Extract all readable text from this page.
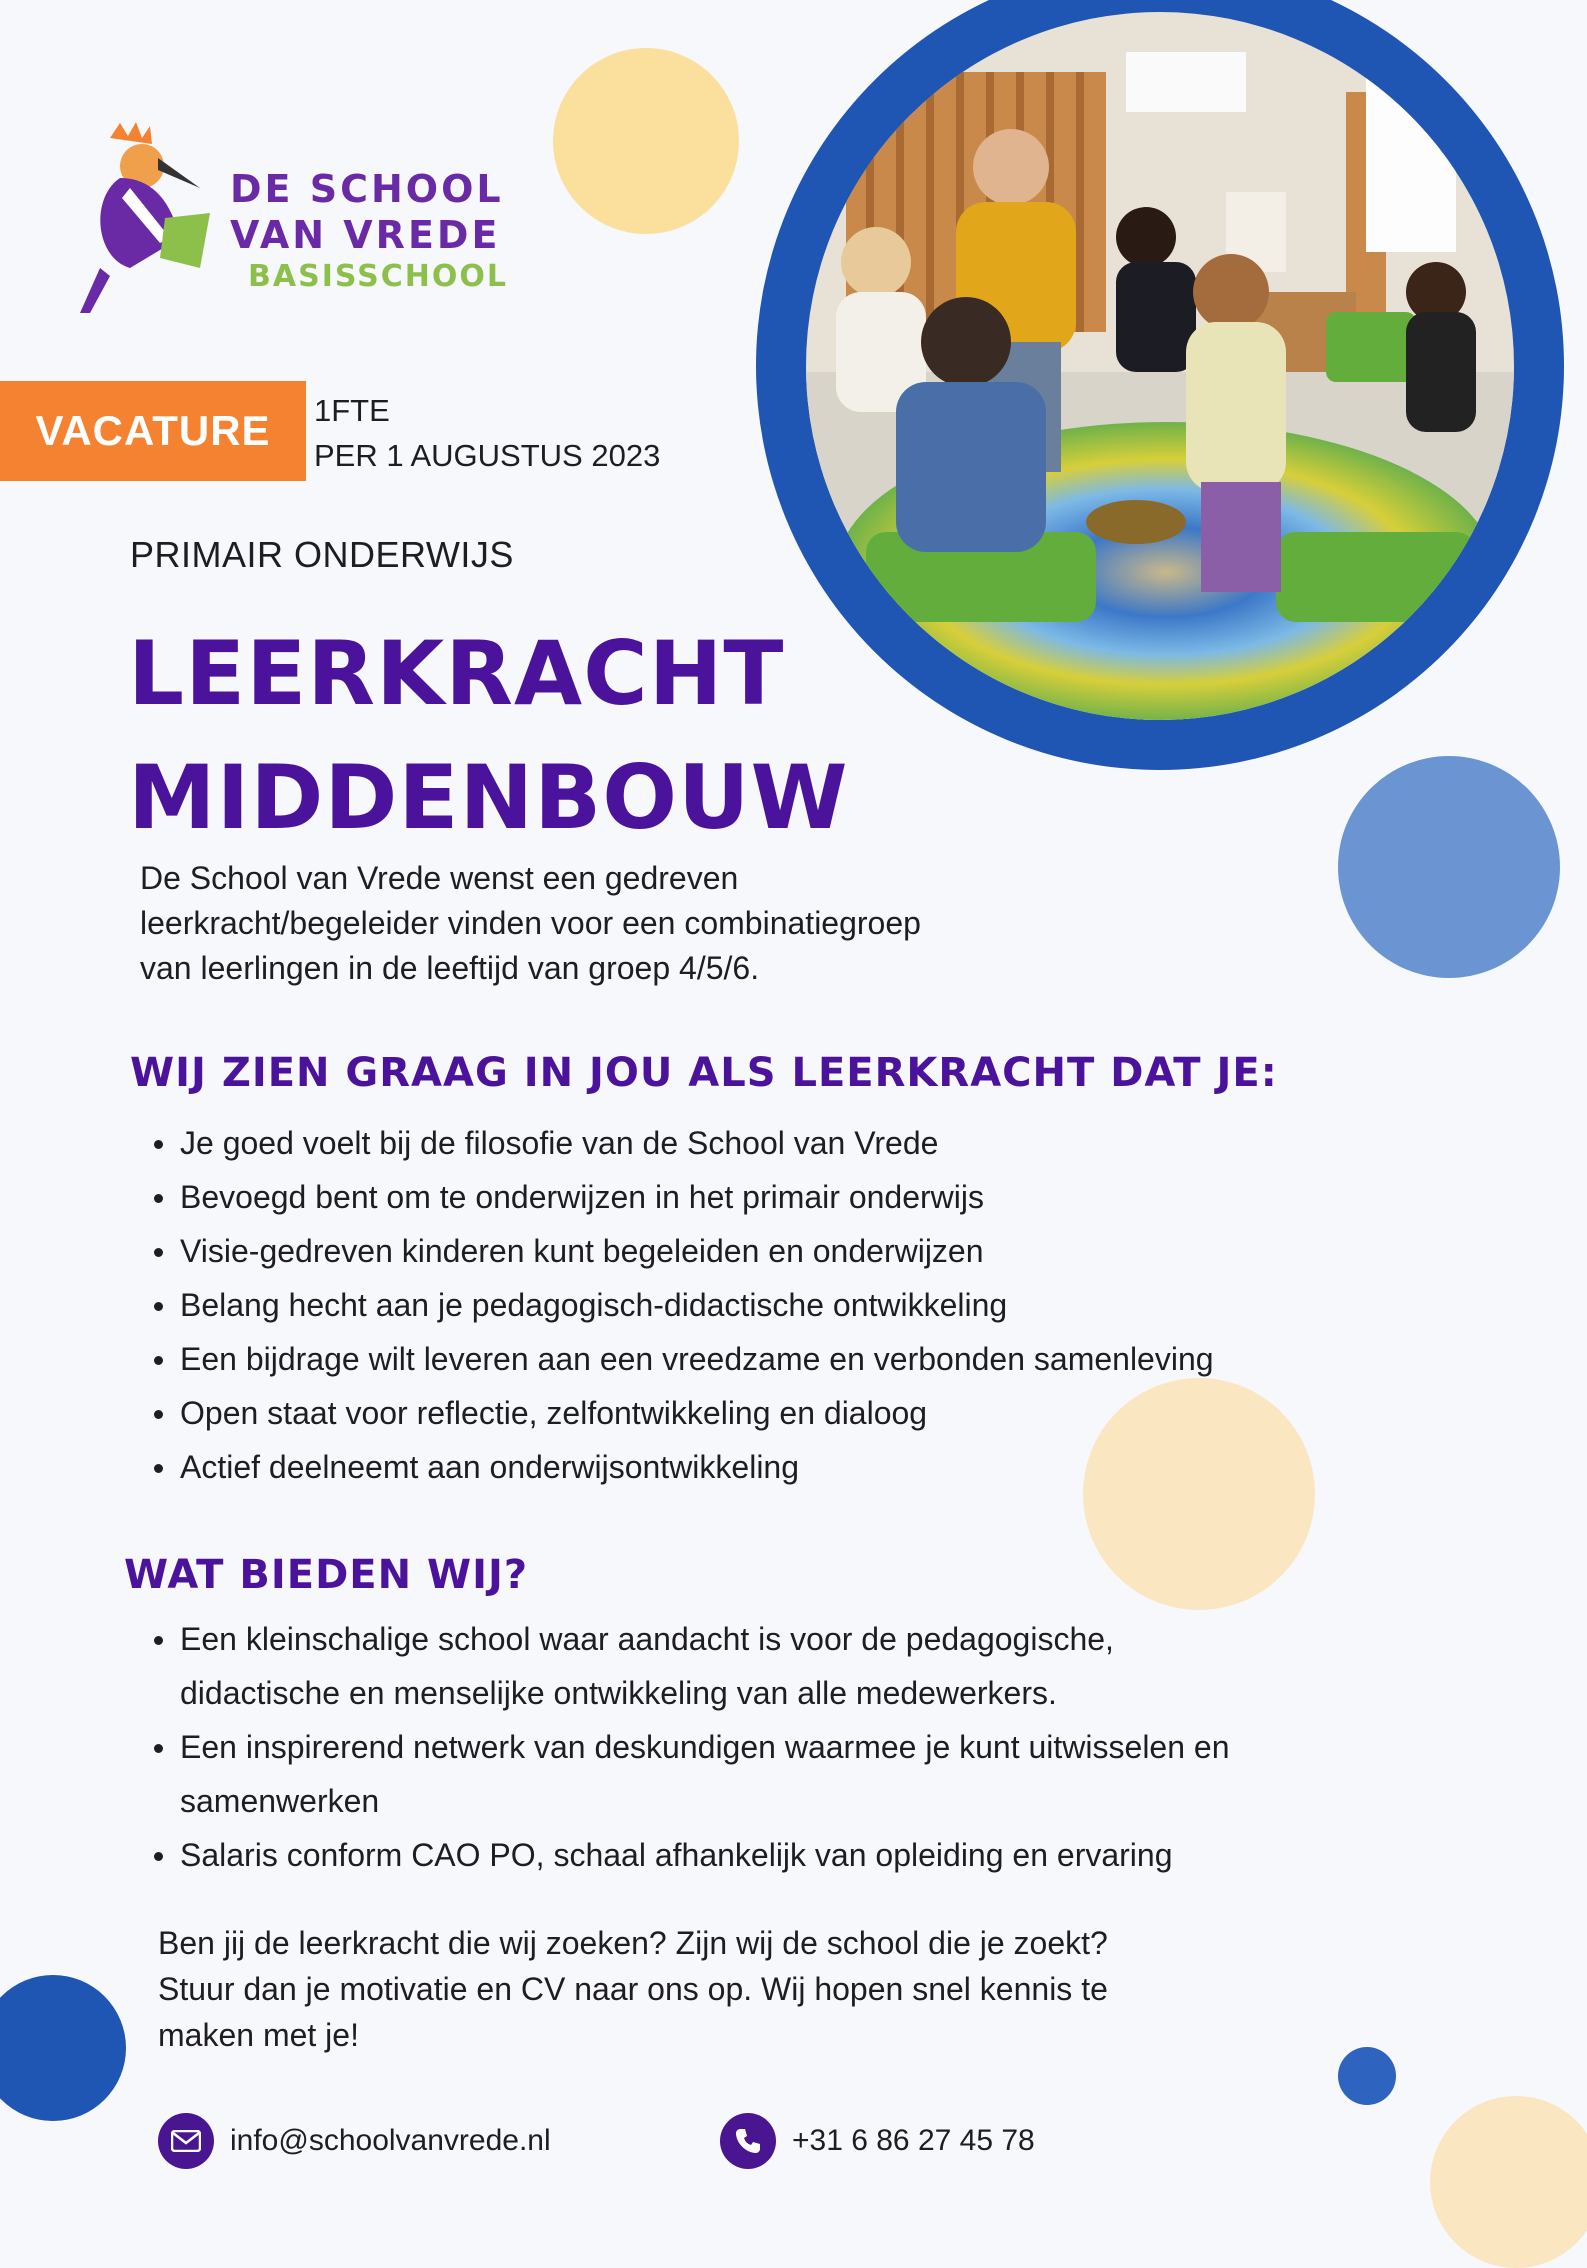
DE SCHOOL
VAN VREDE
BASISSCHOOL
VACATURE	1FTE
PER 1 AUGUSTUS 2023
PRIMAIR ONDERWIJS
LEERKRACHT
MIDDENBOUW
De School van Vrede wenst een gedreven
leerkracht/begeleider vinden voor een combinatiegroep
van leerlingen in de leeftijd van groep 4/5/6.
WIJ ZIEN GRAAG IN JOU ALS LEERKRACHT DAT JE:
Je goed voelt bij de filosofie van de School van Vrede
Bevoegd bent om te onderwijzen in het primair onderwijs
Visie-gedreven kinderen kunt begeleiden en onderwijzen
Belang hecht aan je pedagogisch-didactische ontwikkeling
Een bijdrage wilt leveren aan een vreedzame en verbonden samenleving
Open staat voor reflectie, zelfontwikkeling en dialoog
Actief deelneemt aan onderwijsontwikkeling
WAT BIEDEN WIJ?
Een kleinschalige school waar aandacht is voor de pedagogische,
didactische en menselijke ontwikkeling van alle medewerkers.
Een inspirerend netwerk van deskundigen waarmee je kunt uitwisselen en
samenwerken
Salaris conform CAO PO, schaal afhankelijk van opleiding en ervaring
Ben jij de leerkracht die wij zoeken? Zijn wij de school die je zoekt?
Stuur dan je motivatie en CV naar ons op. Wij hopen snel kennis te
maken met je!
info@schoolvanvrede.nl	+31 6 86 27 45 78
